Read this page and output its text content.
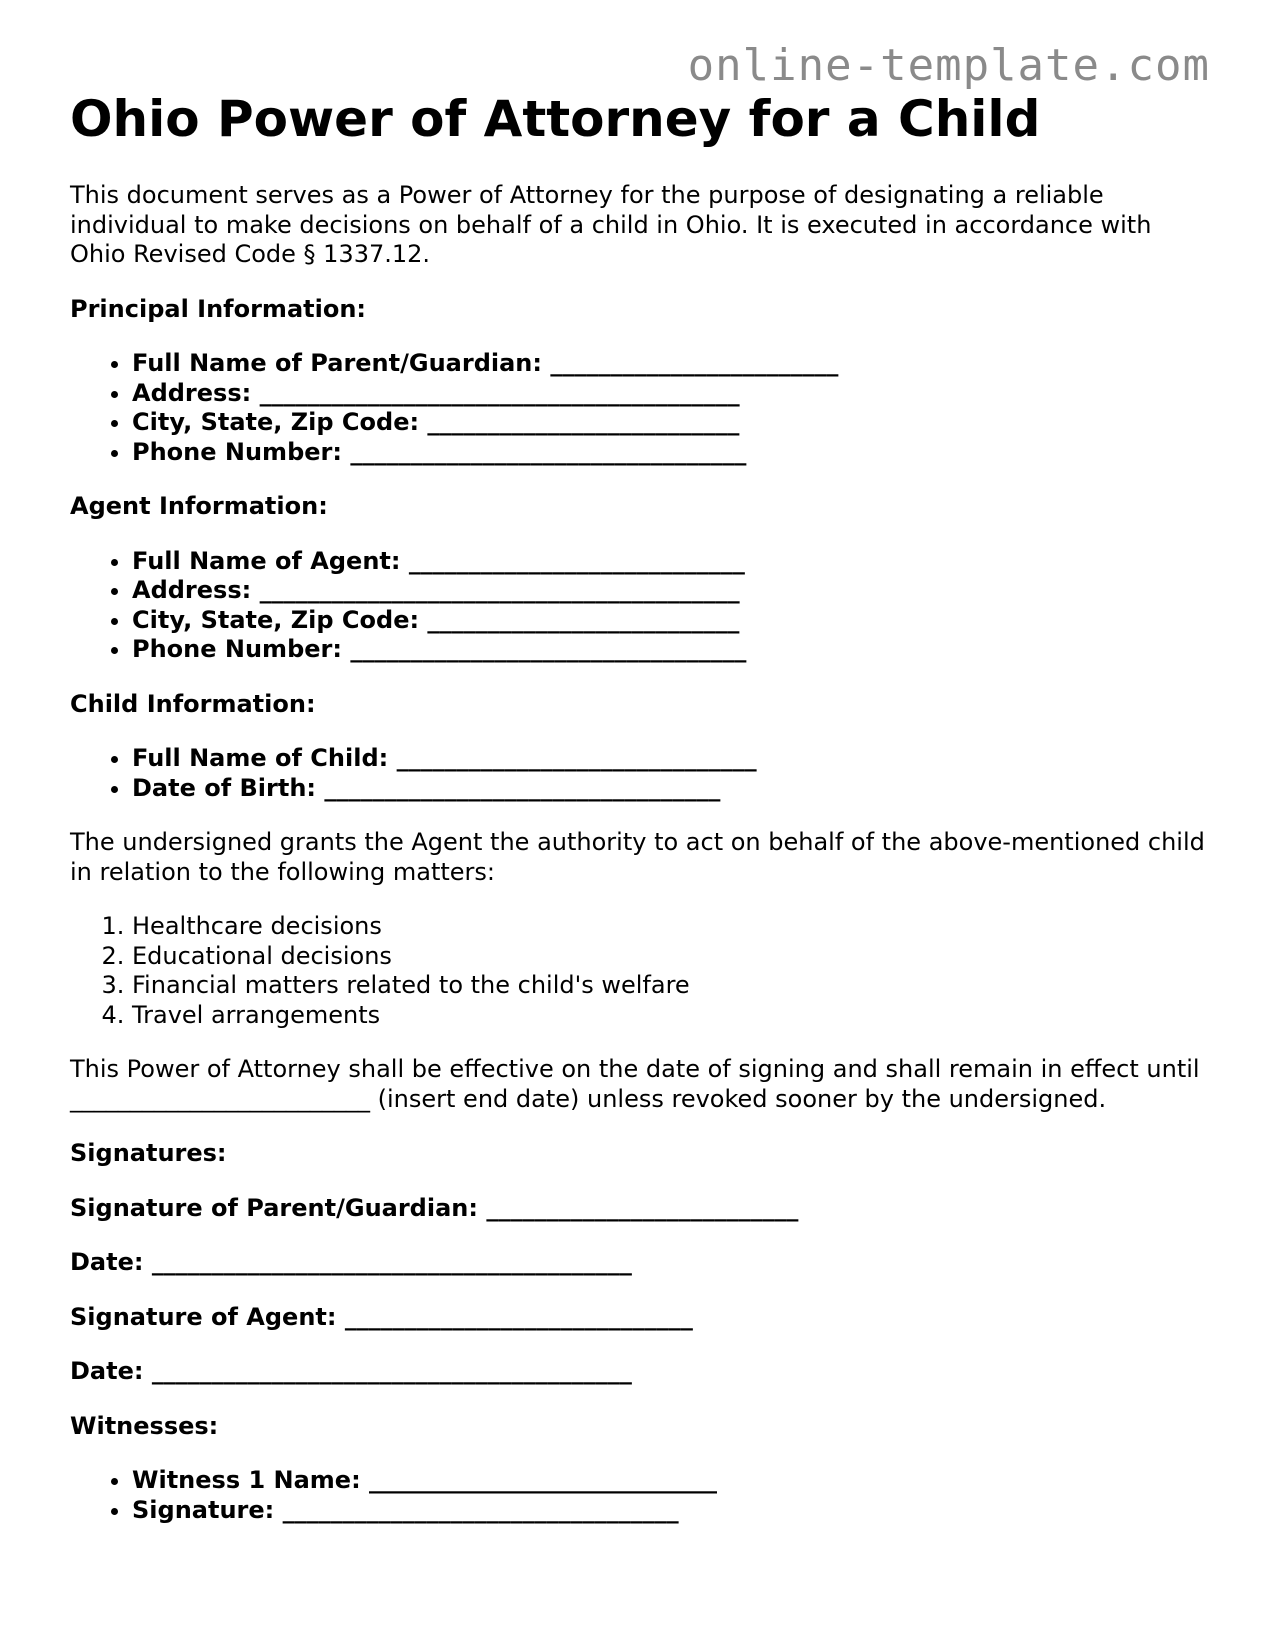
online-template.com
Ohio Power of Attorney for a Child

This document serves as a Power of Attorney for the purpose of designating a reliable individual to make decisions on behalf of a child in Ohio. It is executed in accordance with Ohio Revised Code § 1337.12.

Principal Information:
• Full Name of Parent/Guardian: ________________________
• Address: ________________________________________
• City, State, Zip Code: __________________________
• Phone Number: _________________________________
Agent Information:
• Full Name of Agent: ____________________________
• Address: ________________________________________
• City, State, Zip Code: __________________________
• Phone Number: _________________________________
Child Information:
• Full Name of Child: ______________________________
• Date of Birth: _________________________________

The undersigned grants the Agent the authority to act on behalf of the above-mentioned child in relation to the following matters:

1. Healthcare decisions
2. Educational decisions
3. Financial matters related to the child's welfare
4. Travel arrangements

This Power of Attorney shall be effective on the date of signing and shall remain in effect until _________________________ (insert end date) unless revoked sooner by the undersigned.

Signatures:
Signature of Parent/Guardian: __________________________
Date: ________________________________________
Signature of Agent: _____________________________
Date: ________________________________________
Witnesses:
• Witness 1 Name: _____________________________
• Signature: _________________________________
